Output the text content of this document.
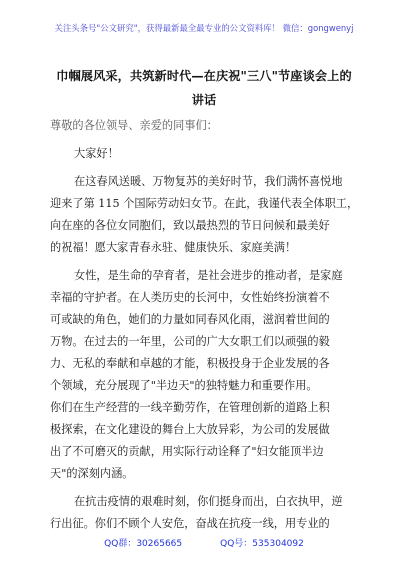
关注头条号"公文研究"，获得最新最全最专业的公文资料库！ 微信：gongwenyj
巾帼展风采，共筑新时代—在庆祝"三八"节座谈会上的
讲话
尊敬的各位领导、亲爱的同事们：
大家好！
在这春风送暖、万物复苏的美好时节，我们满怀喜悦地
迎来了第 115 个国际劳动妇女节。在此，我谨代表全体职工，
向在座的各位女同胞们，致以最热烈的节日问候和最美好
的祝福！愿大家青春永驻、健康快乐、家庭美满！
女性，是生命的孕育者，是社会进步的推动者，是家庭
幸福的守护者。在人类历史的长河中，女性始终扮演着不
可或缺的角色，她们的力量如同春风化雨，滋润着世间的
万物。在过去的一年里，公司的广大女职工们以顽强的毅
力、无私的奉献和卓越的才能，积极投身于企业发展的各
个领域，充分展现了"半边天"的独特魅力和重要作用。
你们在生产经营的一线辛勤劳作，在管理创新的道路上积
极探索，在文化建设的舞台上大放异彩，为公司的发展做
出了不可磨灭的贡献，用实际行动诠释了"妇女能顶半边
天"的深刻内涵。
在抗击疫情的艰难时刻，你们挺身而出，白衣执甲，逆
行出征。你们不顾个人安危，奋战在抗疫一线，用专业的
QQ群：30265665	QQ号：535304092
